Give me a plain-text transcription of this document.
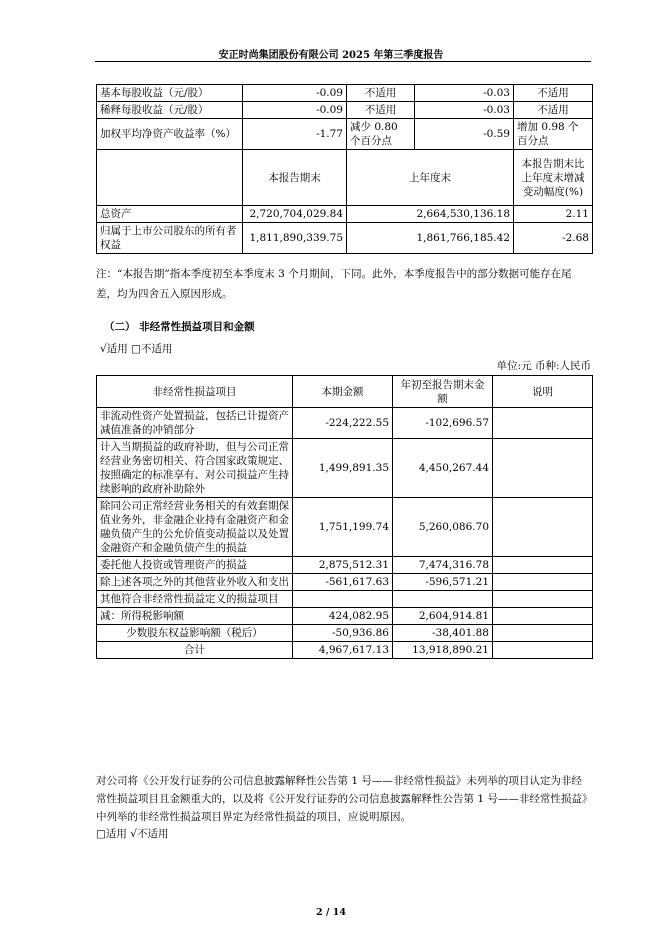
安正时尚集团股份有限公司 2025 年第三季度报告
基本每股收益（元/股）	-0.09	不适用	-0.03	不适用
稀释每股收益（元/股）	-0.09	不适用	-0.03	不适用
加权平均净资产收益率（%）	-1.77	减少 0.80 个百分点	-0.59	增加 0.98 个百分点
	本报告期末	上年度末		本报告期末比上年度末增减变动幅度(%)
总资产	2,720,704,029.84	2,664,530,136.18		2.11
归属于上市公司股东的所有者权益	1,811,890,339.75	1,861,766,185.42		-2.68
注：“本报告期”指本季度初至本季度末 3 个月期间，下同。此外，本季度报告中的部分数据可能存在尾差，均为四舍五入原因形成。
（二） 非经常性损益项目和金额
√适用 □不适用
单位:元 币种:人民币
非经常性损益项目	本期金额	年初至报告期末金额	说明
非流动性资产处置损益，包括已计提资产减值准备的冲销部分	-224,222.55	-102,696.57	
计入当期损益的政府补助，但与公司正常经营业务密切相关、符合国家政策规定、按照确定的标准享有、对公司损益产生持续影响的政府补助除外	1,499,891.35	4,450,267.44	
除同公司正常经营业务相关的有效套期保值业务外，非金融企业持有金融资产和金融负债产生的公允价值变动损益以及处置金融资产和金融负债产生的损益	1,751,199.74	5,260,086.70	
委托他人投资或管理资产的损益	2,875,512.31	7,474,316.78	
除上述各项之外的其他营业外收入和支出	-561,617.63	-596,571.21	
其他符合非经常性损益定义的损益项目			
减：所得税影响额	424,082.95	2,604,914.81	
少数股东权益影响额（税后）	-50,936.86	-38,401.88	
合计	4,967,617.13	13,918,890.21	
对公司将《公开发行证券的公司信息披露解释性公告第 1 号——非经常性损益》未列举的项目认定为非经常性损益项目且金额重大的，以及将《公开发行证券的公司信息披露解释性公告第 1 号——非经常性损益》中列举的非经常性损益项目界定为经常性损益的项目，应说明原因。
□适用 √不适用
2 / 14
